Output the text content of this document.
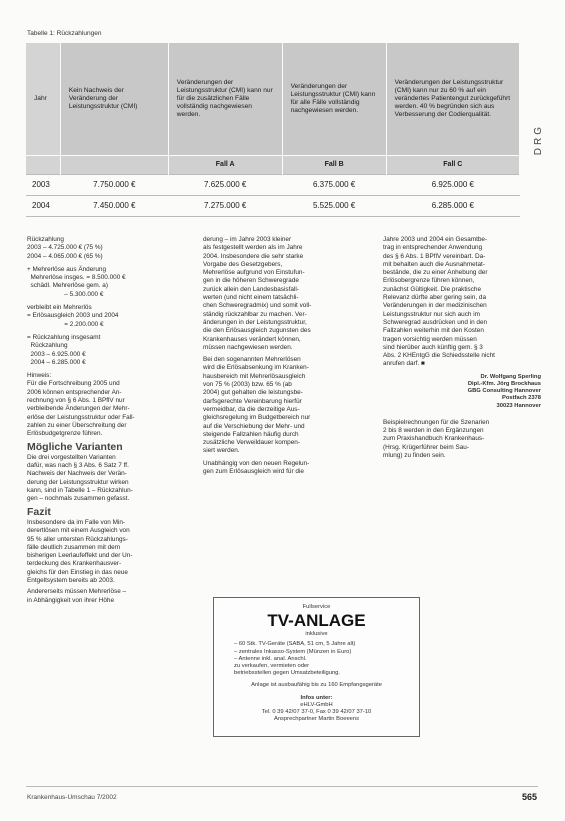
Tabelle 1: Rückzahlungen
Jahr	Kein Nachweis der Veränderung der Leistungsstruktur (CMI)	Veränderungen der Leistungsstruktur (CMI) kann nur für die zusätzlichen Fälle vollständig nachgewiesen werden.	Veränderungen der Leistungsstruktur (CMI) kann für alle Fälle vollständig nachgewiesen werden.	Veränderungen der Leistungsstruktur (CMI) kann nur zu 60 % auf ein verändertes Patientengut zurückgeführt werden. 40 % begründen sich aus Verbesserung der Codierqualität.

		Fall A	Fall B	Fall C
2003	7.750.000 €	7.625.000 €	6.375.000 €	6.925.000 €
2004	7.450.000 €	7.275.000 €	5.525.000 €	6.285.000 €
DRG

Rückzahlung
2003 – 4.725.000 € (75 %)
2004 – 4.065.000 € (65 %)

+ Mehrerlöse aus Änderung
Mehrerlöse insges. = 8.500.000 €
schädl. Mehrerlöse gem. a)
– 5.300.000 €

verbleibt ein Mehrerlös
= Erlösausgleich 2003 und 2004
= 2.200.000 €

= Rückzahlung insgesamt
Rückzahlung
2003 – 6.925.000 €
2004 – 6.285.000 €

Hinweis:

Für die Fortschreibung 2005 und
2006 können entsprechender An-
rechnung von § 6 Abs. 1 BPflV nur
verbleibende Änderungen der Mehr-
erlöse der Leistungsstruktur oder Fall-
zahlen zu einer Überschreitung der
Erlösbudgetgrenze führen.

Mögliche Varianten

Die drei vorgestellten Varianten
dafür, was nach § 3 Abs. 6 Satz 7 ff.
Nachweis der Nachweis der Verän-
derung der Leistungsstruktur wirken
kann, sind in Tabelle 1 – Rückzahlun-
gen – nochmals zusammen gefasst.

Fazit

Insbesondere da im Falle von Min-
derertlösen mit einem Ausgleich von
95 % aller untersten Rückzahlungs-
fälle deutlich zusammen mit dem
bisherigen Leerlaufeffekt und der Un-
terdeckung des Krankenhausver-
gleichs für den Einstieg in das neue
Entgeltsystem bereits ab 2003.

Andererseits müssen Mehrerlöse –
in Abhängigkeit von ihrer Höhe

derung – im Jahre 2003 kleiner
als festgestellt werden als im Jahre
2004. Insbesondere die sehr starke
Vorgabe des Gesetzgebers,
Mehrerlöse aufgrund von Einstufun-
gen in die höheren Schweregrade
zurück allein den Landesbasisfall-
werten (und nicht einem tatsächli-
chen Schweregradmix) und somit voll-
ständig rückzahlbar zu machen. Ver-
änderungen in der Leistungsstruktur,
die den Erlösausgleich zugunsten des
Krankenhauses verändert können,
müssen nachgewiesen werden.

Bei den sogenannten Mehrerlösen
wird die Erlösabsenkung im Kranken-
hausbereich mit Mehrerlösausgleich
von 75 % (2003) bzw. 65 % (ab
2004) gut gehalten die leistungsbe-
darfsgerechte Vereinbarung hierfür
vermeidbar, da die derzeitige Aus-
gleichsregelung im Budgetbereich nur
auf die Verschiebung der Mehr- und
steigende Fallzahlen häufig durch
zusätzliche Verweildauer kompen-
siert werden.

Unabhängig von den neuen Regelun-
gen zum Erlösausgleich wird für die

Jahre 2003 und 2004 ein Gesamtbe-
trag in entsprechender Anwendung
des § 6 Abs. 1 BPflV vereinbart. Da-
mit behalten auch die Ausnahmetat-
bestände, die zu einer Anhebung der
Erlösobergrenze führen können,
zunächst Gültigkeit. Die praktische
Relevanz dürfte aber gering sein, da
Veränderungen in der medizinischen
Leistungsstruktur nur sich auch im
Schweregrad ausdrücken und in den
Fallzahlen weiterhin mit den Kosten
tragen vorsichtig werden müssen
sind hierüber auch künftig gem. § 3
Abs. 2 KHEntgG die Schiedsstelle nicht
anrufen darf. ■

Dr. Wolfgang Sperling
Dipl.-Kfm. Jörg Brockhaus
GBG Consulting Hannover
Postfach 2378
30023 Hannover

Beispielrechnungen für die Szenarien
2 bis 8 werden in den Ergänzungen
zum Praxishandbuch Krankenhaus-
(Hrsg. Krügerführer beim Sau-
mlung) zu finden sein.

Fullservice
TV-ANLAGE
inklusive
– 60 Stk. TV-Geräte (SABA, 51 cm, 5 Jahre alt)
– zentrales Inkasso-System (Münzen in Euro)
– Antenne inkl. anal. Anschl.
zu verkaufen, vermieten oder
betriebsstellen gegen Umsatzbeteiligung.
Anlage ist ausbaufähig bis zu 160 Empfangsgeräte
Infos unter:
eHLV-GmbH
Tel. 0 39 42/07 37-0, Fax 0 39 42/07 37-10
Ansprechpartner Martin Boeeens
Krankenhaus-Umschau 7/2002	565
